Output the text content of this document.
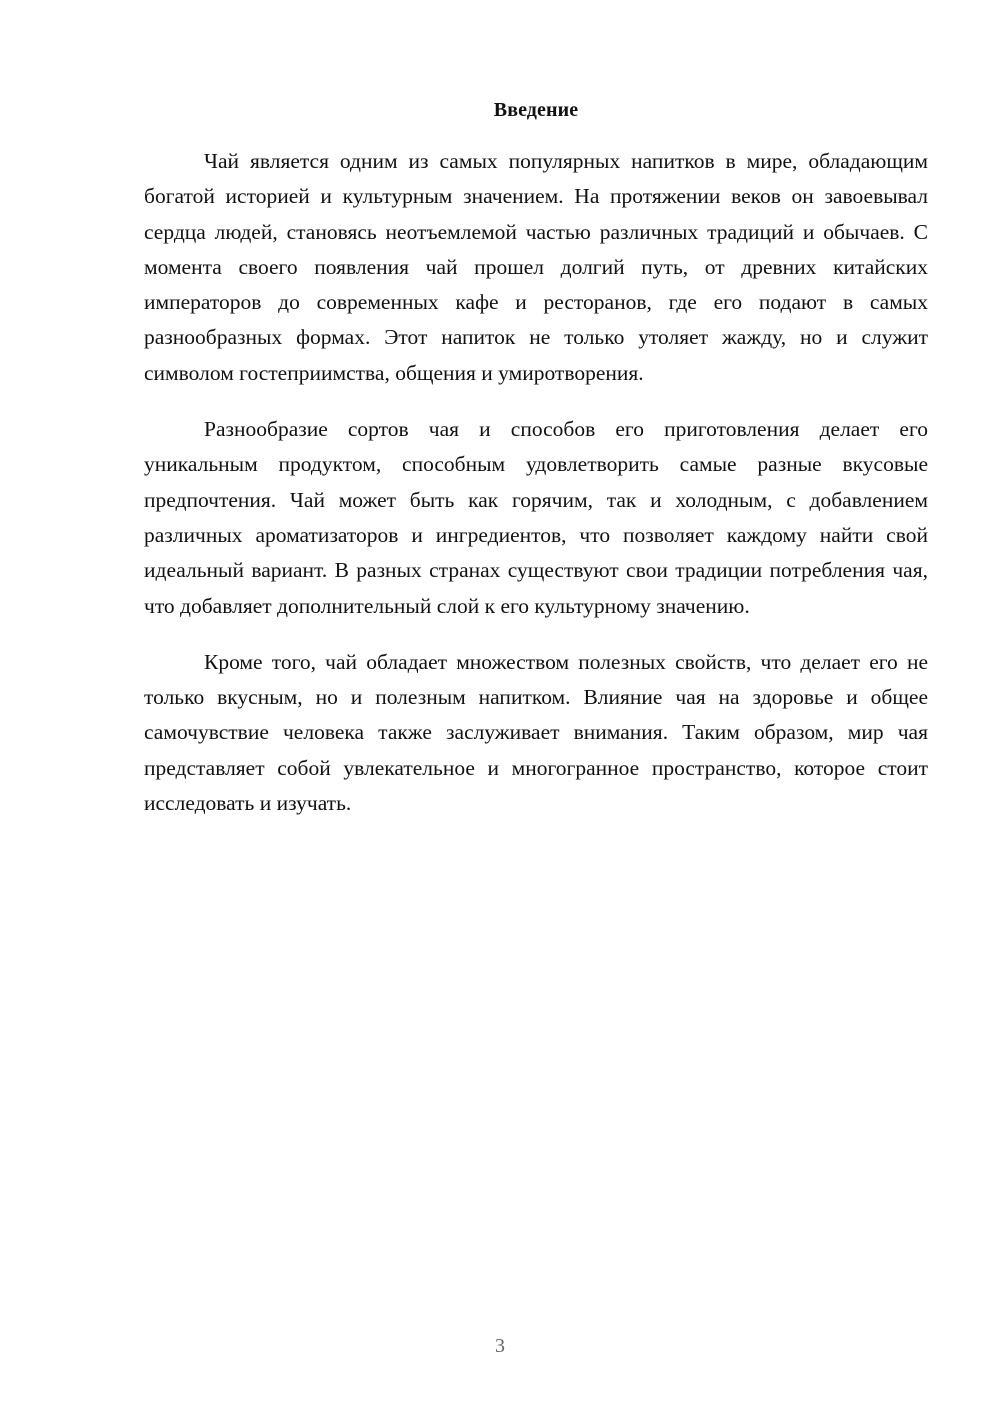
Введение

Чай является одним из самых популярных напитков в мире, обладающим богатой историей и культурным значением. На протяжении веков он завоевывал сердца людей, становясь неотъемлемой частью различных традиций и обычаев. С момента своего появления чай прошел долгий путь, от древних китайских императоров до современных кафе и ресторанов, где его подают в самых разнообразных формах. Этот напиток не только утоляет жажду, но и служит символом гостеприимства, общения и умиротворения.

Разнообразие сортов чая и способов его приготовления делает его уникальным продуктом, способным удовлетворить самые разные вкусовые предпочтения. Чай может быть как горячим, так и холодным, с добавлением различных ароматизаторов и ингредиентов, что позволяет каждому найти свой идеальный вариант. В разных странах существуют свои традиции потребления чая, что добавляет дополнительный слой к его культурному значению.

Кроме того, чай обладает множеством полезных свойств, что делает его не только вкусным, но и полезным напитком. Влияние чая на здоровье и общее самочувствие человека также заслуживает внимания. Таким образом, мир чая представляет собой увлекательное и многогранное пространство, которое стоит исследовать и изучать.

3
